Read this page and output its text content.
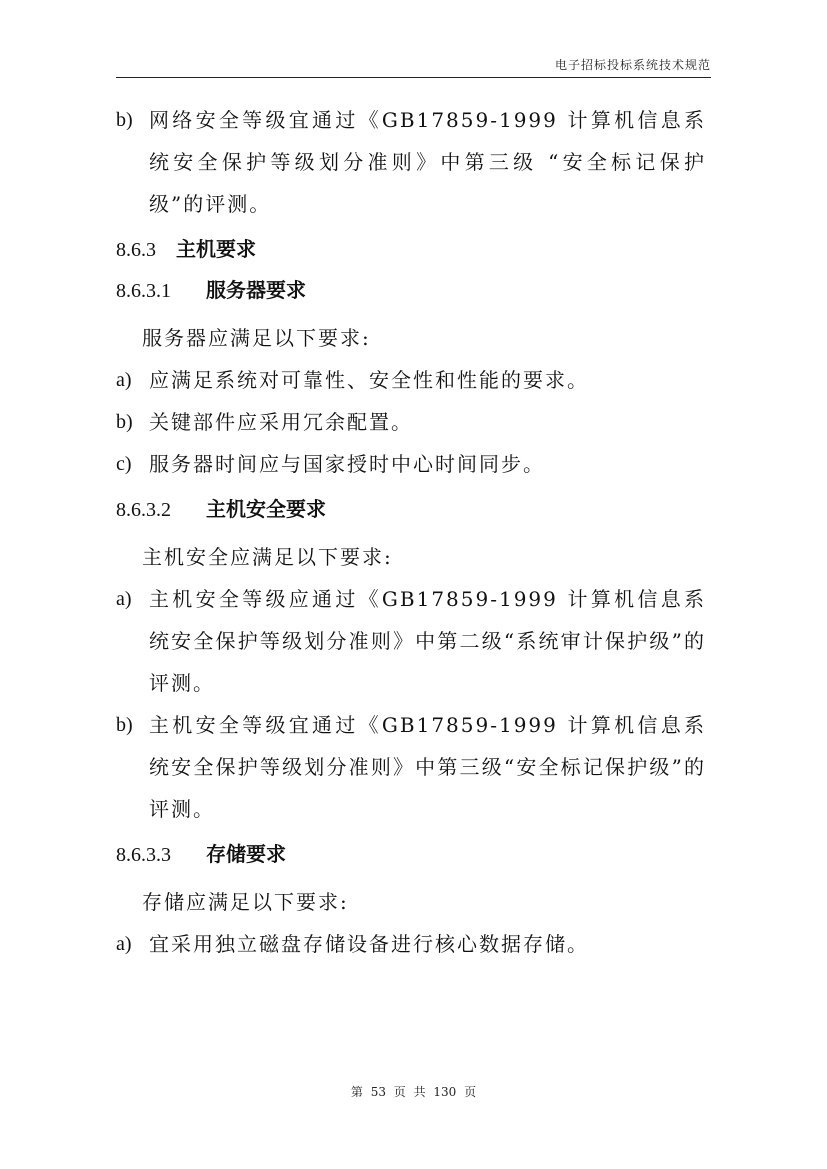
电子招标投标系统技术规范

b) 网络安全等级宜通过《GB17859-1999 计算机信息系统安全保护等级划分准则》中第三级 “安全标记保护级”的评测。

8.6.3 主机要求
8.6.3.1 服务器要求

服务器应满足以下要求:

a) 应满足系统对可靠性、安全性和性能的要求。

b) 关键部件应采用冗余配置。

c) 服务器时间应与国家授时中心时间同步。

8.6.3.2 主机安全要求

主机安全应满足以下要求:

a) 主机安全等级应通过《GB17859-1999 计算机信息系统安全保护等级划分准则》中第二级“系统审计保护级”的评测。

b) 主机安全等级宜通过《GB17859-1999 计算机信息系统安全保护等级划分准则》中第三级“安全标记保护级”的评测。

8.6.3.3 存储要求

存储应满足以下要求:

a) 宜采用独立磁盘存储设备进行核心数据存储。

第 53 页 共 130 页
